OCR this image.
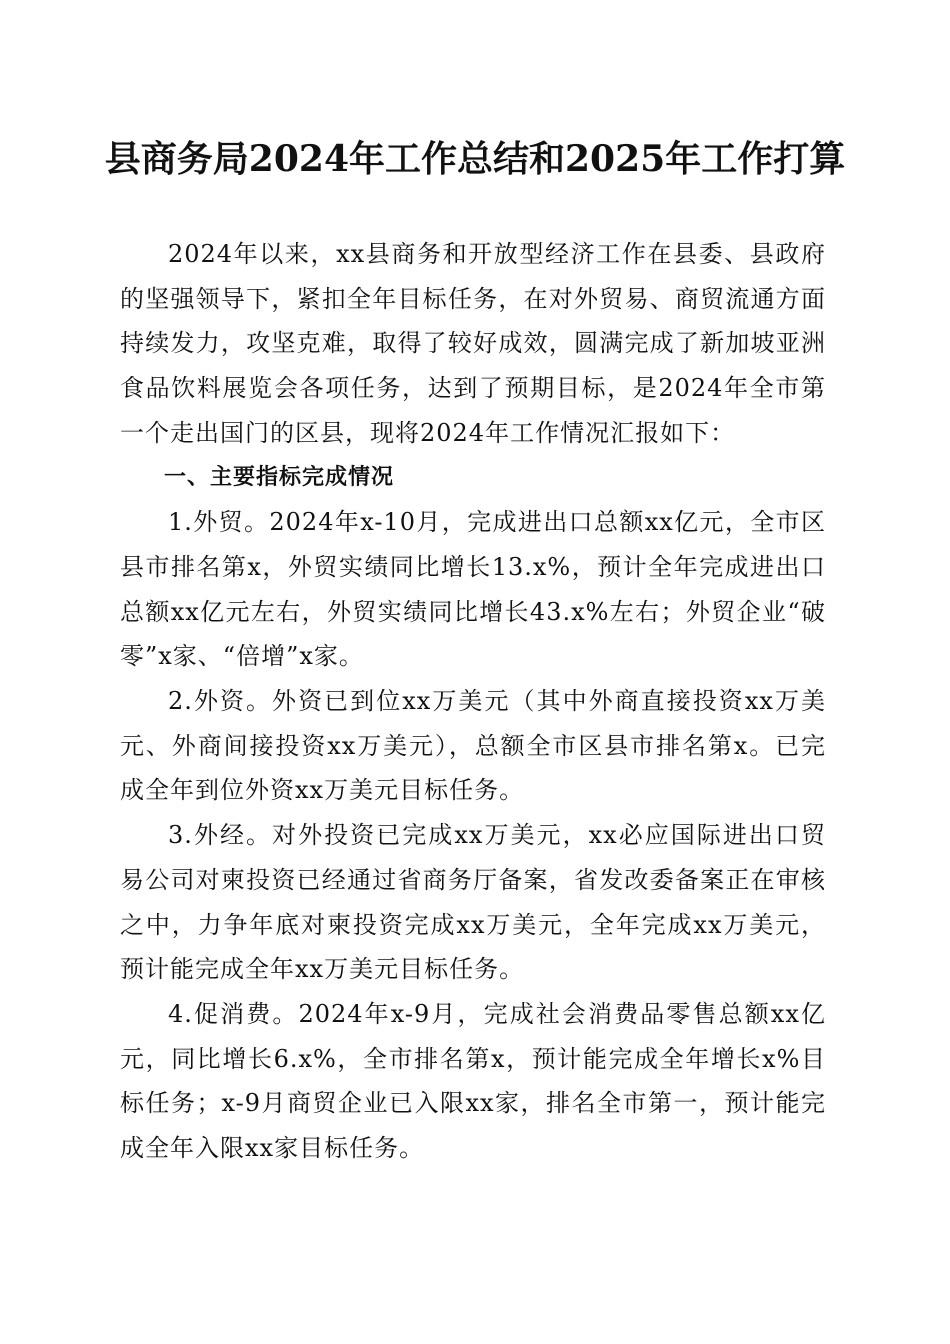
县商务局2024年工作总结和2025年工作打算

2024年以来，xx县商务和开放型经济工作在县委、县政府的坚强领导下，紧扣全年目标任务，在对外贸易、商贸流通方面持续发力，攻坚克难，取得了较好成效，圆满完成了新加坡亚洲食品饮料展览会各项任务，达到了预期目标，是2024年全市第一个走出国门的区县，现将2024年工作情况汇报如下：

一、主要指标完成情况

1.外贸。2024年x-10月，完成进出口总额xx亿元，全市区县市排名第x，外贸实绩同比增长13.x%，预计全年完成进出口总额xx亿元左右，外贸实绩同比增长43.x%左右；外贸企业“破零”x家、“倍增”x家。

2.外资。外资已到位xx万美元（其中外商直接投资xx万美元、外商间接投资xx万美元），总额全市区县市排名第x。已完成全年到位外资xx万美元目标任务。

3.外经。对外投资已完成xx万美元，xx必应国际进出口贸易公司对柬投资已经通过省商务厅备案，省发改委备案正在审核之中，力争年底对柬投资完成xx万美元，全年完成xx万美元，预计能完成全年xx万美元目标任务。

4.促消费。2024年x-9月，完成社会消费品零售总额xx亿元，同比增长6.x%，全市排名第x，预计能完成全年增长x%目标任务；x-9月商贸企业已入限xx家，排名全市第一，预计能完成全年入限xx家目标任务。
